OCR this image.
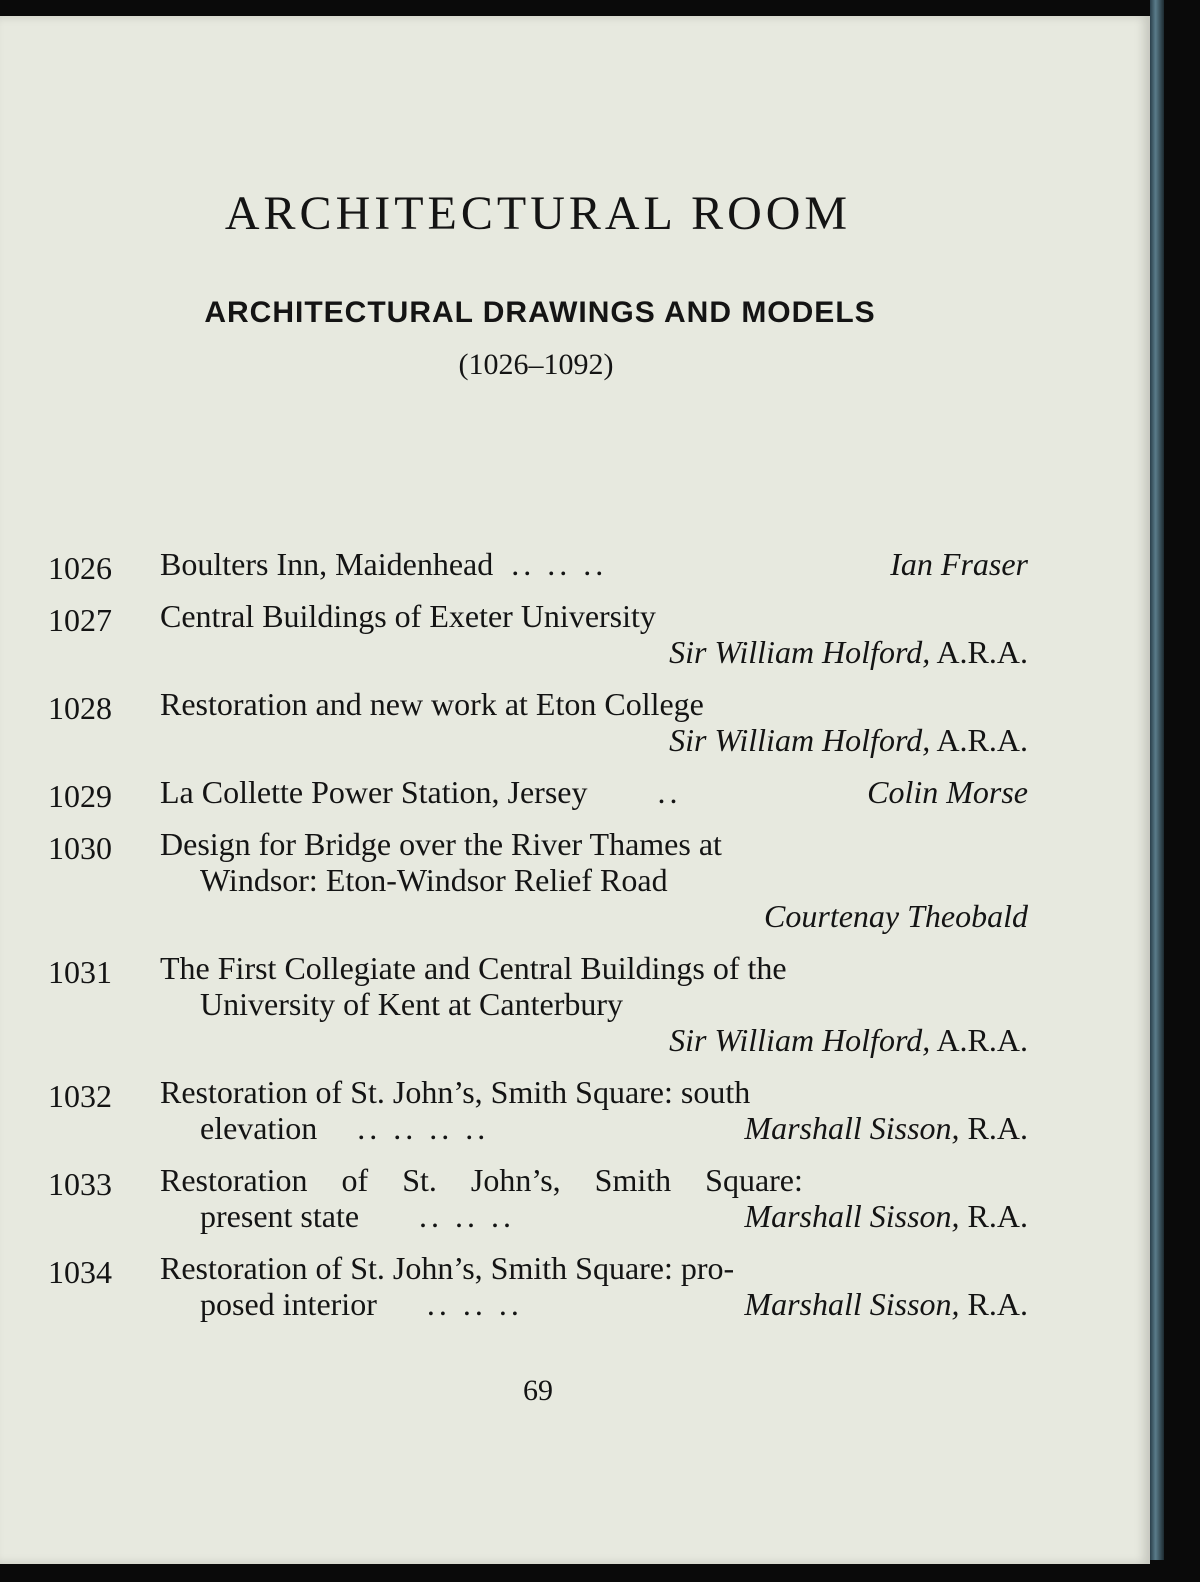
ARCHITECTURAL ROOM
ARCHITECTURAL DRAWINGS AND MODELS
(1026–1092)
1026	Boulters Inn, Maidenhead .. .. ..	Ian Fraser
1027	Central Buildings of Exeter University
Sir William Holford, A.R.A.
1028	Restoration and new work at Eton College
Sir William Holford, A.R.A.
1029	La Collette Power Station, Jersey ..	Colin Morse
1030	Design for Bridge over the River Thames at
Windsor: Eton-Windsor Relief Road
Courtenay Theobald
1031	The First Collegiate and Central Buildings of the
University of Kent at Canterbury
Sir William Holford, A.R.A.
1032	Restoration of St. John’s, Smith Square: south
elevation .. .. .. ..	Marshall Sisson, R.A.
1033	Restoration of St. John’s, Smith Square:
present state .. .. ..	Marshall Sisson, R.A.
1034	Restoration of St. John’s, Smith Square: pro-
posed interior .. .. ..	Marshall Sisson, R.A.
69
